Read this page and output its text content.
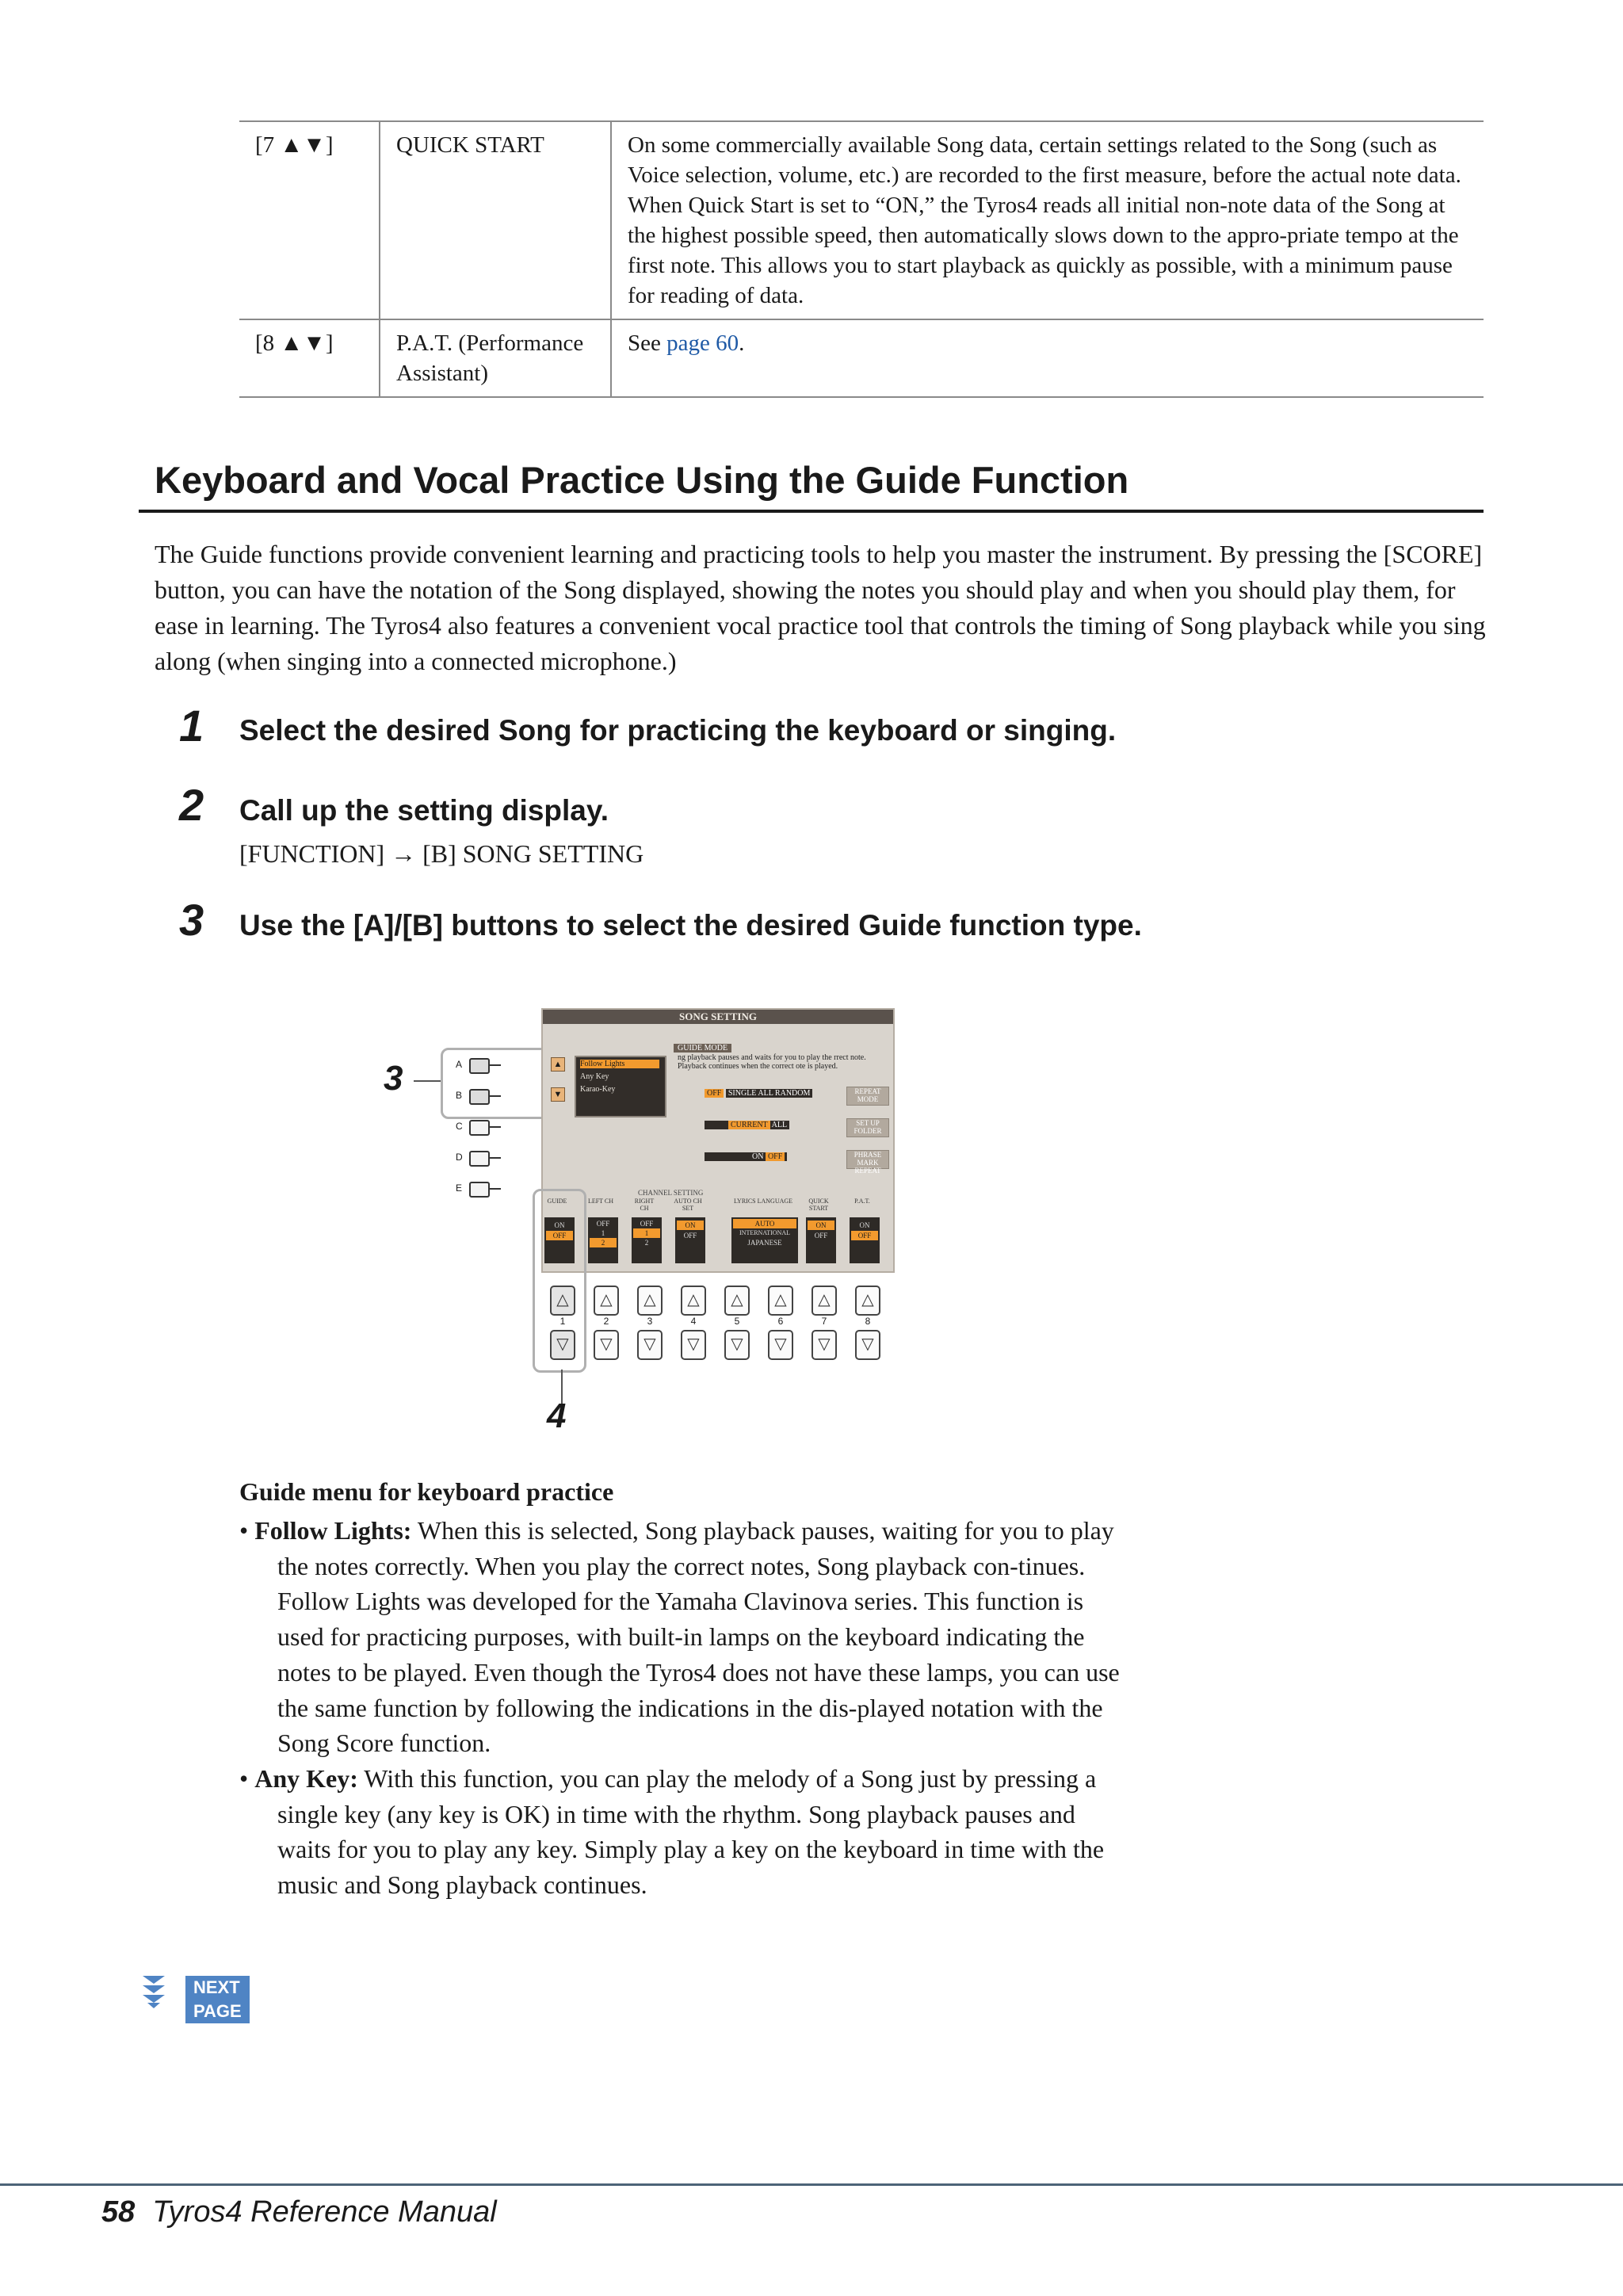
[7 ▲▼]	QUICK START	On some commercially available Song data, certain settings related to the Song (such as Voice selection, volume, etc.) are recorded to the first measure, before the actual note data. When Quick Start is set to “ON,” the Tyros4 reads all initial non-note data of the Song at the highest possible speed, then automatically slows down to the appro-priate tempo at the first note. This allows you to start playback as quickly as possible, with a minimum pause for reading of data.
[8 ▲▼]	P.A.T. (Performance Assistant)	See page 60.
Keyboard and Vocal Practice Using the Guide Function
The Guide functions provide convenient learning and practicing tools to help you master the instrument. By pressing the [SCORE] button, you can have the notation of the Song displayed, showing the notes you should play and when you should play them, for ease in learning. The Tyros4 also features a convenient vocal practice tool that controls the timing of Song playback while you sing along (when singing into a connected microphone.)
1 Select the desired Song for practicing the keyboard or singing.
2 Call up the setting display.
[FUNCTION] → [B] SONG SETTING
3 Use the [A]/[B] buttons to select the desired Guide function type.
A
B
C
D
E
3
SONG SETTING
GUIDE MODE
ng playback pauses and waits for you to play the rrect note. Playback continues when the correct ote is played.
▲
▼
Follow Lights
Any Key
Karao-Key	OFF SINGLE ALL RANDOM	REPEAT MODE
CURRENT ALL	SET UP FOLDER
ON OFF	PHRASE MARK REPEAT
CHANNEL SETTING
GUIDE	LEFT CH	RIGHT CH
AUTO CH SET
LYRICS LANGUAGE	QUICK START
P.A.T.
ON
OFF
OFF
1
2
OFF
1
2
ON
OFF
AUTO
INTERNATIONAL
JAPANESE
ON
OFF
ON
OFF
4
△
1
▽
△
2
▽
△
3
▽
△
4
▽
△
5
▽
△
6
▽
△
7
▽
△
8
▽
Guide menu for keyboard practice

• Follow Lights: When this is selected, Song playback pauses, waiting for you to play the notes correctly. When you play the correct notes, Song playback con-tinues. Follow Lights was developed for the Yamaha Clavinova series. This function is used for practicing purposes, with built-in lamps on the keyboard indicating the notes to be played. Even though the Tyros4 does not have these lamps, you can use the same function by following the indications in the dis-played notation with the Song Score function.

• Any Key: With this function, you can play the melody of a Song just by pressing a single key (any key is OK) in time with the rhythm. Song playback pauses and waits for you to play any key. Simply play a key on the keyboard in time with the music and Song playback continues.

NEXT PAGE
58 Tyros4 Reference Manual
